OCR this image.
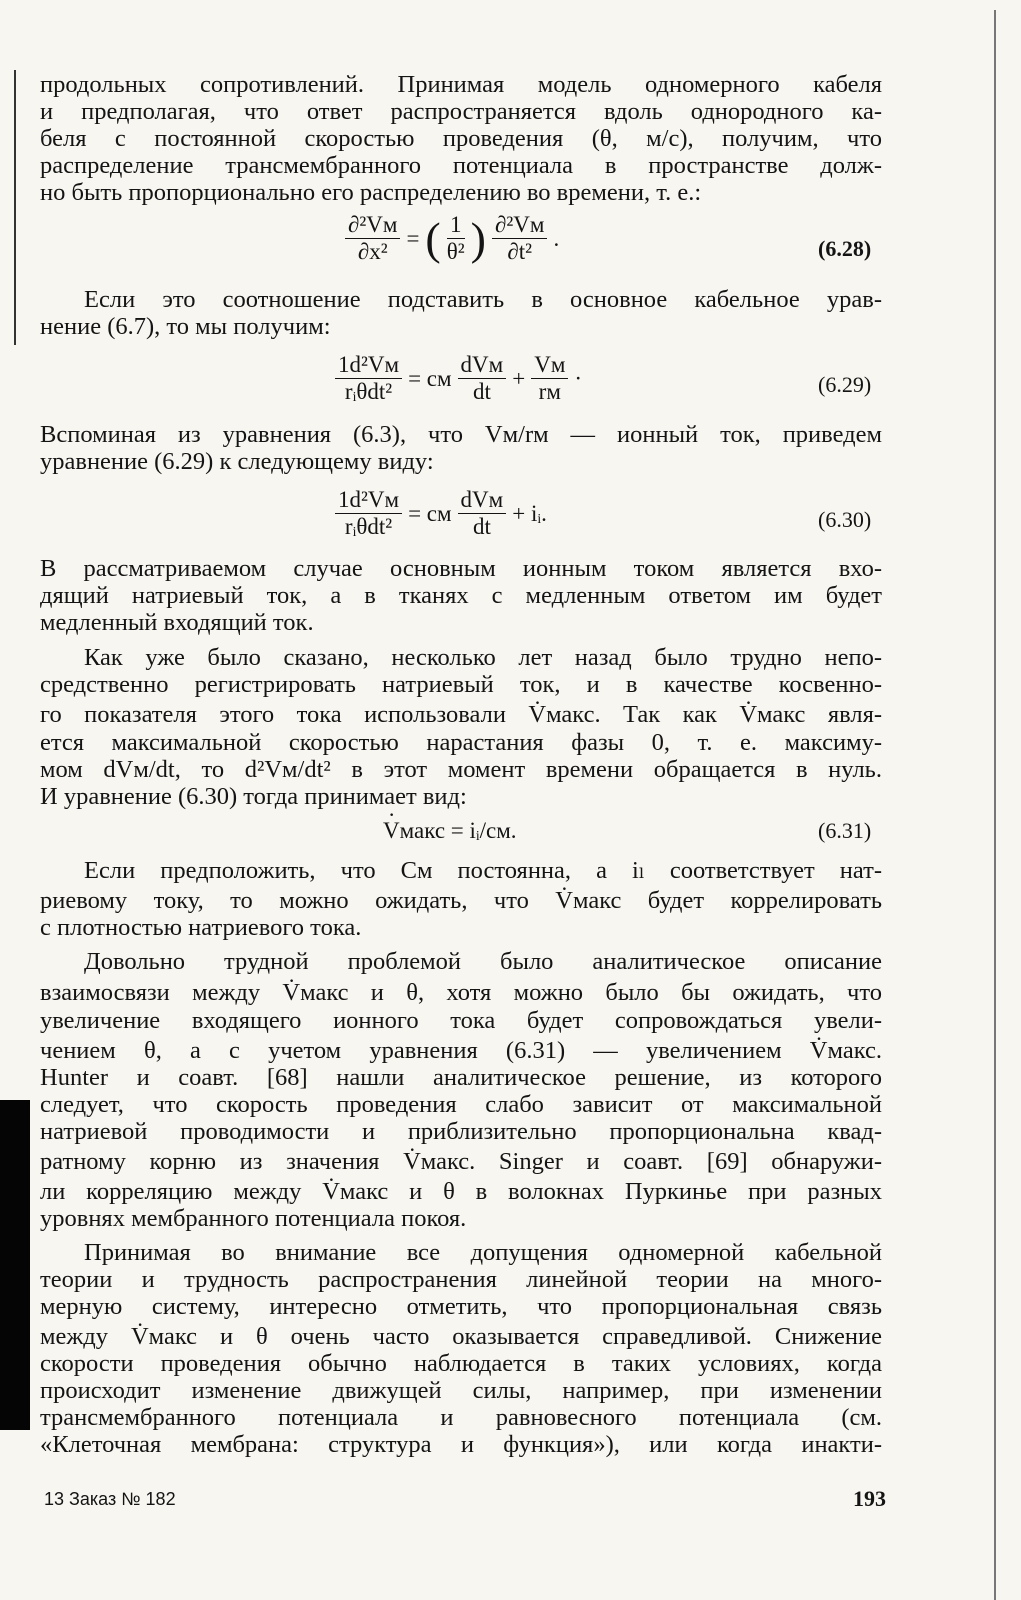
продольных сопротивлений. Принимая модель одномерного кабеля
и предполагая, что ответ распространяется вдоль однородного ка-
беля с постоянной скоростью проведения (θ, м/с), получим, что
распределение трансмембранного потенциала в пространстве долж-
но быть пропорционально его распределению во времени, т. е.:
Если это соотношение подставить в основное кабельное урав-
нение (6.7), то мы получим:
Вспоминая из уравнения (6.3), что Vм/rм — ионный ток, приведем
уравнение (6.29) к следующему виду:
В рассматриваемом случае основным ионным током является вхо-
дящий натриевый ток, а в тканях с медленным ответом им будет
медленный входящий ток.
Как уже было сказано, несколько лет назад было трудно непо-
средственно регистрировать натриевый ток, и в качестве косвенно-
го показателя этого тока использовали V̇макс. Так как V̇макс явля-
ется максимальной скоростью нарастания фазы 0, т. е. максиму-
мом dVм/dt, то d²Vм/dt² в этот момент времени обращается в нуль.
И уравнение (6.30) тогда принимает вид:
Если предположить, что Cм постоянна, а iₗ соответствует нат-
риевому току, то можно ожидать, что V̇макс будет коррелировать
с плотностью натриевого тока.
Довольно трудной проблемой было аналитическое описание
взаимосвязи между V̇макс и θ, хотя можно было бы ожидать, что
увеличение входящего ионного тока будет сопровождаться увели-
чением θ, а с учетом уравнения (6.31) — увеличением V̇макс.
Hunter и соавт. [68] нашли аналитическое решение, из которого
следует, что скорость проведения слабо зависит от максимальной
натриевой проводимости и приблизительно пропорциональна квад-
ратному корню из значения V̇макс. Singer и соавт. [69] обнаружи-
ли корреляцию между V̇макс и θ в волокнах Пуркинье при разных
уровнях мембранного потенциала покоя.
Принимая во внимание все допущения одномерной кабельной
теории и трудность распространения линейной теории на много-
мерную систему, интересно отметить, что пропорциональная связь
между V̇макс и θ очень часто оказывается справедливой. Снижение
скорости проведения обычно наблюдается в таких условиях, когда
происходит изменение движущей силы, например, при изменении
трансмембранного потенциала и равновесного потенциала (см.
«Клеточная мембрана: структура и функция»), или когда инакти-
$\frac{\text{∂²Vм}}{\text{∂x²}}$ = ( $\frac{1}{\text{θ²}}$ ) $\frac{\text{∂²Vм}}{\text{∂t²}}$ .	(6.28)
$\frac{\text{1d²Vм}}{\text{rᵢθdt²}}$ = cм $\frac{\text{dVм}}{dt} + \frac{Vм}{rм}$ ·	(6.29)
$\frac{\text{1d²Vм}}{\text{rᵢθdt²}}$ = cм $\frac{\text{dVм}}{dt}$ + iᵢ.	(6.30)
· Vмакс = iᵢ/cм.	(6.31)
13 Заказ № 182	193
